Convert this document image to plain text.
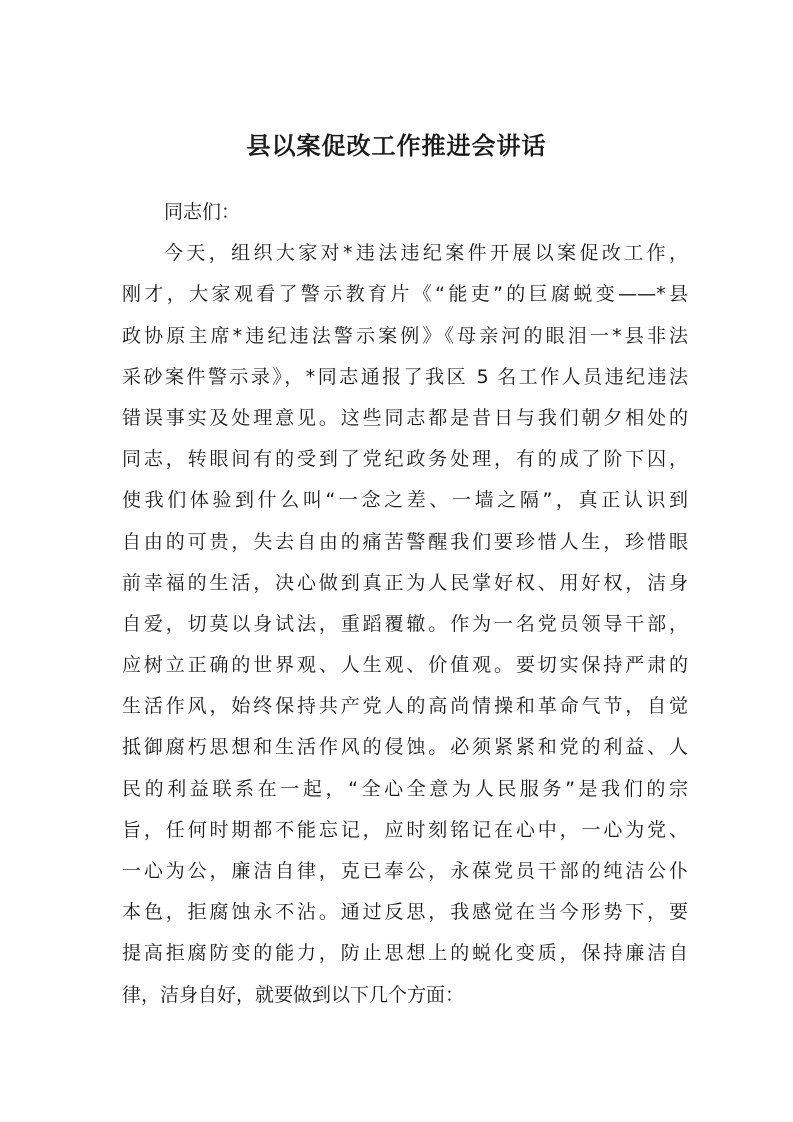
县以案促改工作推进会讲话
同志们：
今天，组织大家对*违法违纪案件开展以案促改工作，
刚才，大家观看了警示教育片《“能吏”的巨腐蜕变——*县
政协原主席*违纪违法警示案例》《母亲河的眼泪一*县非法
采砂案件警示录》，*同志通报了我区 5 名工作人员违纪违法
错误事实及处理意见。这些同志都是昔日与我们朝夕相处的
同志，转眼间有的受到了党纪政务处理，有的成了阶下囚，
使我们体验到什么叫“一念之差、一墙之隔”，真正认识到
自由的可贵，失去自由的痛苦警醒我们要珍惜人生，珍惜眼
前幸福的生活，决心做到真正为人民掌好权、用好权，洁身
自爱，切莫以身试法，重蹈覆辙。作为一名党员领导干部，
应树立正确的世界观、人生观、价值观。要切实保持严肃的
生活作风，始终保持共产党人的高尚情操和革命气节，自觉
抵御腐朽思想和生活作风的侵蚀。必须紧紧和党的利益、人
民的利益联系在一起，“全心全意为人民服务”是我们的宗
旨，任何时期都不能忘记，应时刻铭记在心中，一心为党、
一心为公，廉洁自律，克已奉公，永葆党员干部的纯洁公仆
本色，拒腐蚀永不沾。通过反思，我感觉在当今形势下，要
提高拒腐防变的能力，防止思想上的蜕化变质，保持廉洁自
律，洁身自好，就要做到以下几个方面：
